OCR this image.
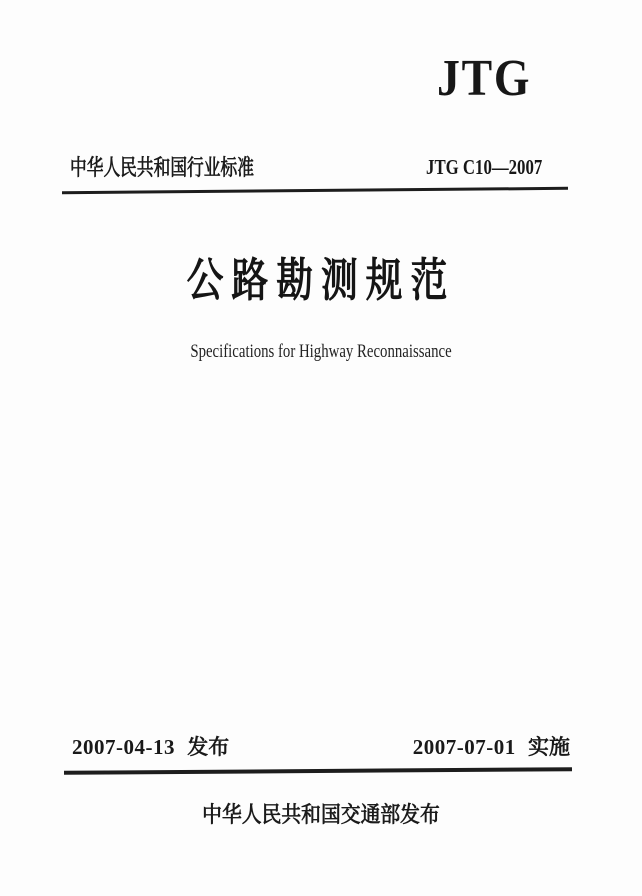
JTG
中华人民共和国行业标准	JTG C10—2007
公路勘测规范
Specifications for Highway Reconnaissance
2007-04-13 发布	2007-07-01 实施
中华人民共和国交通部发布
